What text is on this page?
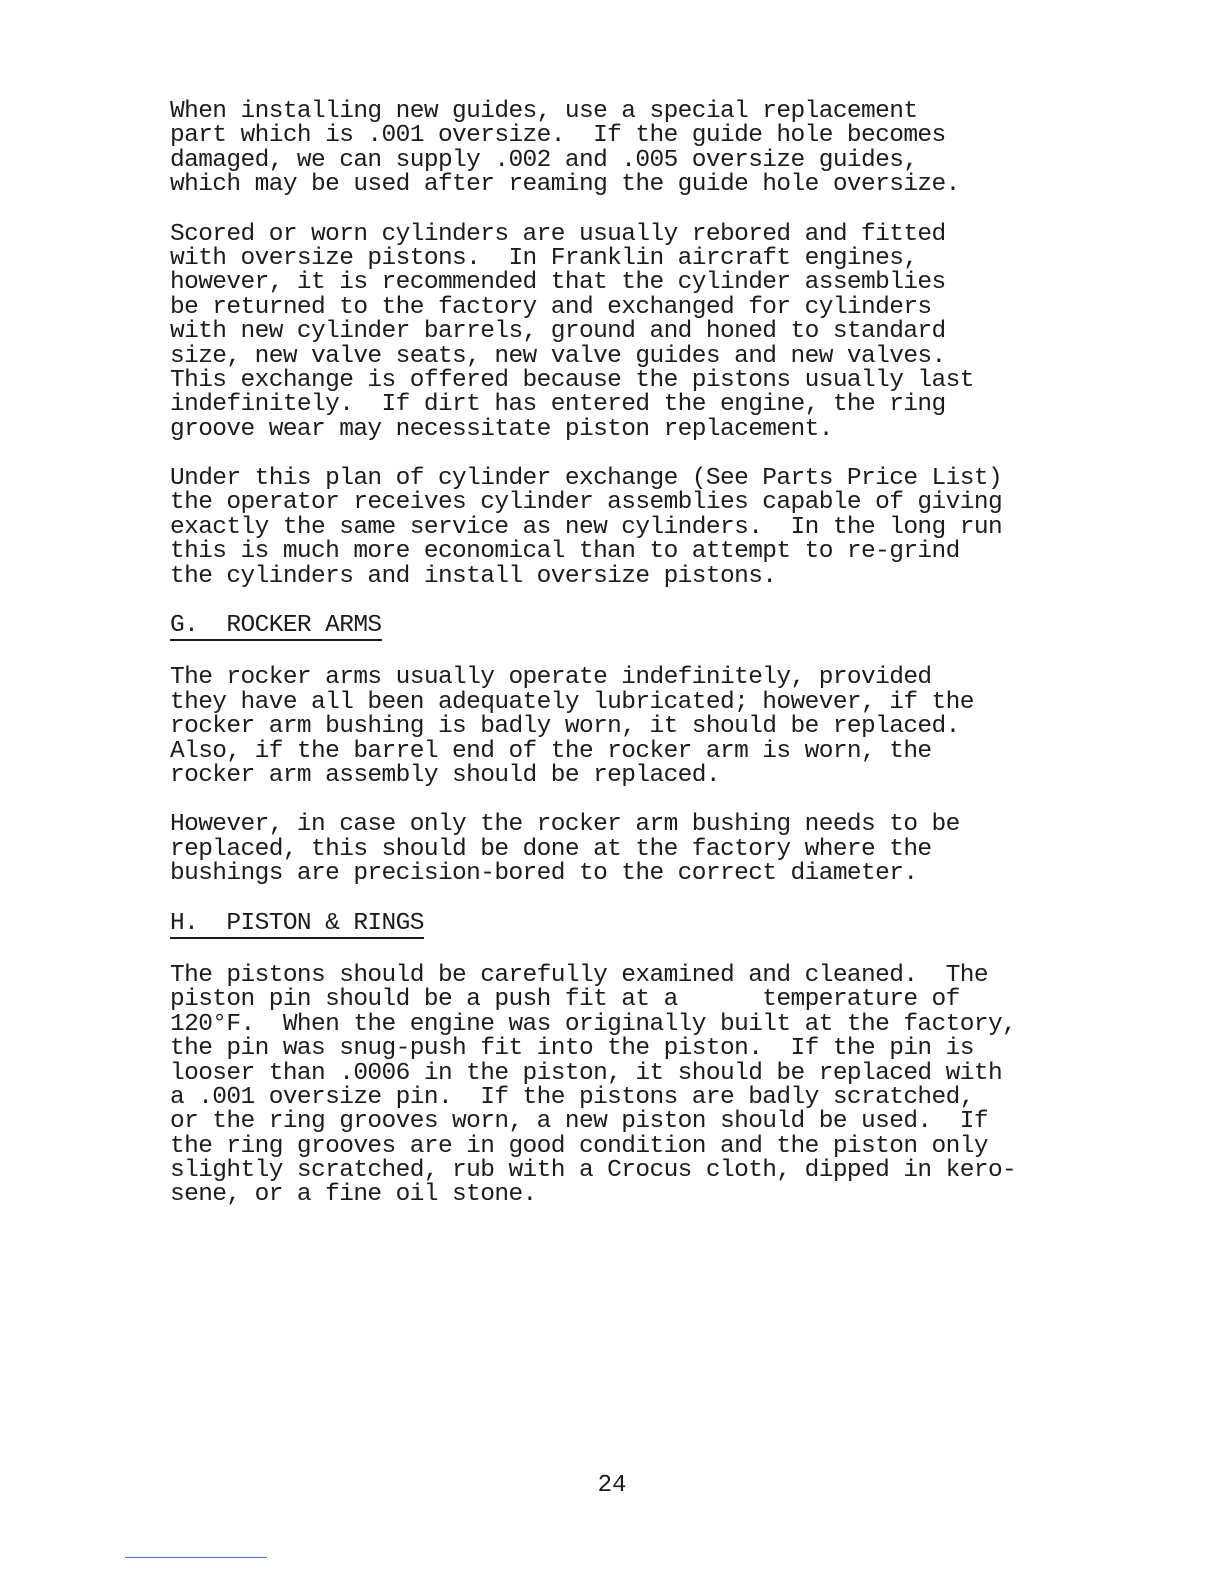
When installing new guides, use a special replacement
part which is .001 oversize.  If the guide hole becomes
damaged, we can supply .002 and .005 oversize guides,
which may be used after reaming the guide hole oversize.
Scored or worn cylinders are usually rebored and fitted
with oversize pistons.  In Franklin aircraft engines,
however, it is recommended that the cylinder assemblies
be returned to the factory and exchanged for cylinders
with new cylinder barrels, ground and honed to standard
size, new valve seats, new valve guides and new valves.
This exchange is offered because the pistons usually last
indefinitely.  If dirt has entered the engine, the ring
groove wear may necessitate piston replacement.
Under this plan of cylinder exchange (See Parts Price List)
the operator receives cylinder assemblies capable of giving
exactly the same service as new cylinders.  In the long run
this is much more economical than to attempt to re-grind
the cylinders and install oversize pistons.
G.  ROCKER ARMS
The rocker arms usually operate indefinitely, provided
they have all been adequately lubricated; however, if the
rocker arm bushing is badly worn, it should be replaced.
Also, if the barrel end of the rocker arm is worn, the
rocker arm assembly should be replaced.
However, in case only the rocker arm bushing needs to be
replaced, this should be done at the factory where the
bushings are precision-bored to the correct diameter.
H.  PISTON & RINGS
The pistons should be carefully examined and cleaned.  The
piston pin should be a push fit at a      temperature of
120°F.  When the engine was originally built at the factory,
the pin was snug-push fit into the piston.  If the pin is
looser than .0006 in the piston, it should be replaced with
a .001 oversize pin.  If the pistons are badly scratched,
or the ring grooves worn, a new piston should be used.  If
the ring grooves are in good condition and the piston only
slightly scratched, rub with a Crocus cloth, dipped in kero-
sene, or a fine oil stone.
24
